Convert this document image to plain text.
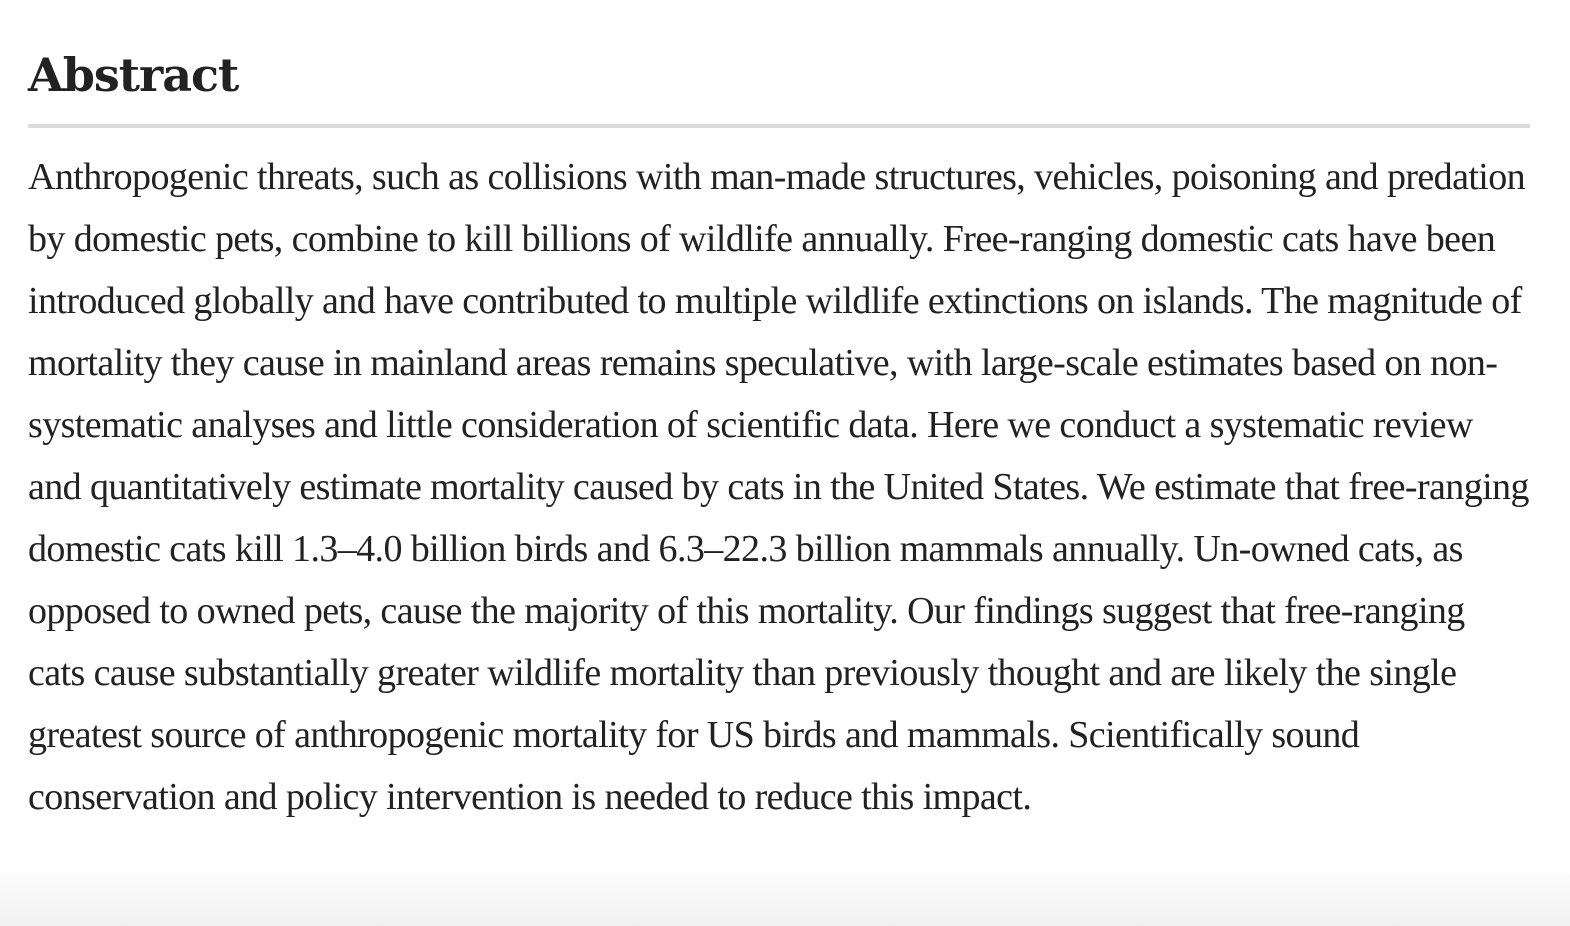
Abstract

Anthropogenic threats, such as collisions with man-made structures, vehicles, poisoning and predation by domestic pets, combine to kill billions of wildlife annually. Free-ranging domestic cats have been introduced globally and have contributed to multiple wildlife extinctions on islands. The magnitude of mortality they cause in mainland areas remains speculative, with large-scale estimates based on non-systematic analyses and little consideration of scientific data. Here we conduct a systematic review and quantitatively estimate mortality caused by cats in the United States. We estimate that free-ranging domestic cats kill 1.3–4.0 billion birds and 6.3–22.3 billion mammals annually. Un-owned cats, as opposed to owned pets, cause the majority of this mortality. Our findings suggest that free-ranging cats cause substantially greater wildlife mortality than previously thought and are likely the single greatest source of anthropogenic mortality for US birds and mammals. Scientifically sound conservation and policy intervention is needed to reduce this impact.
